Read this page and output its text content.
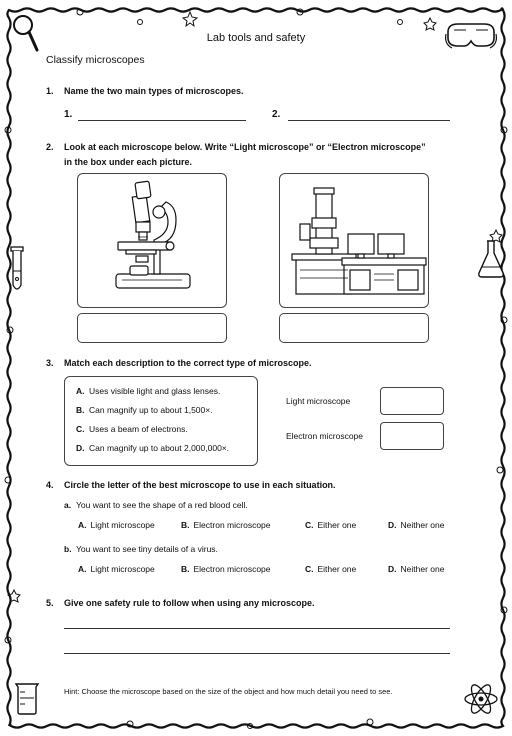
Lab tools and safety
Classify microscopes
1. Name the two main types of microscopes.
1.	2.
2. Look at each microscope below. Write “Light microscope” or “Electron microscope”
in the box under each picture.
3. Match each description to the correct type of microscope.
A. Uses visible light and glass lenses.
B. Can magnify up to about 1,500×.
C. Uses a beam of electrons.
D. Can magnify up to about 2,000,000×.
Light microscope
Electron microscope
4. Circle the letter of the best microscope to use in each situation.
a. You want to see the shape of a red blood cell.
A. Light microscope	B. Electron microscope	C. Either one	D. Neither one
b. You want to see tiny details of a virus.
A. Light microscope	B. Electron microscope	C. Either one	D. Neither one
5. Give one safety rule to follow when using any microscope.
Hint: Choose the microscope based on the size of the object and how much detail you need to see.
